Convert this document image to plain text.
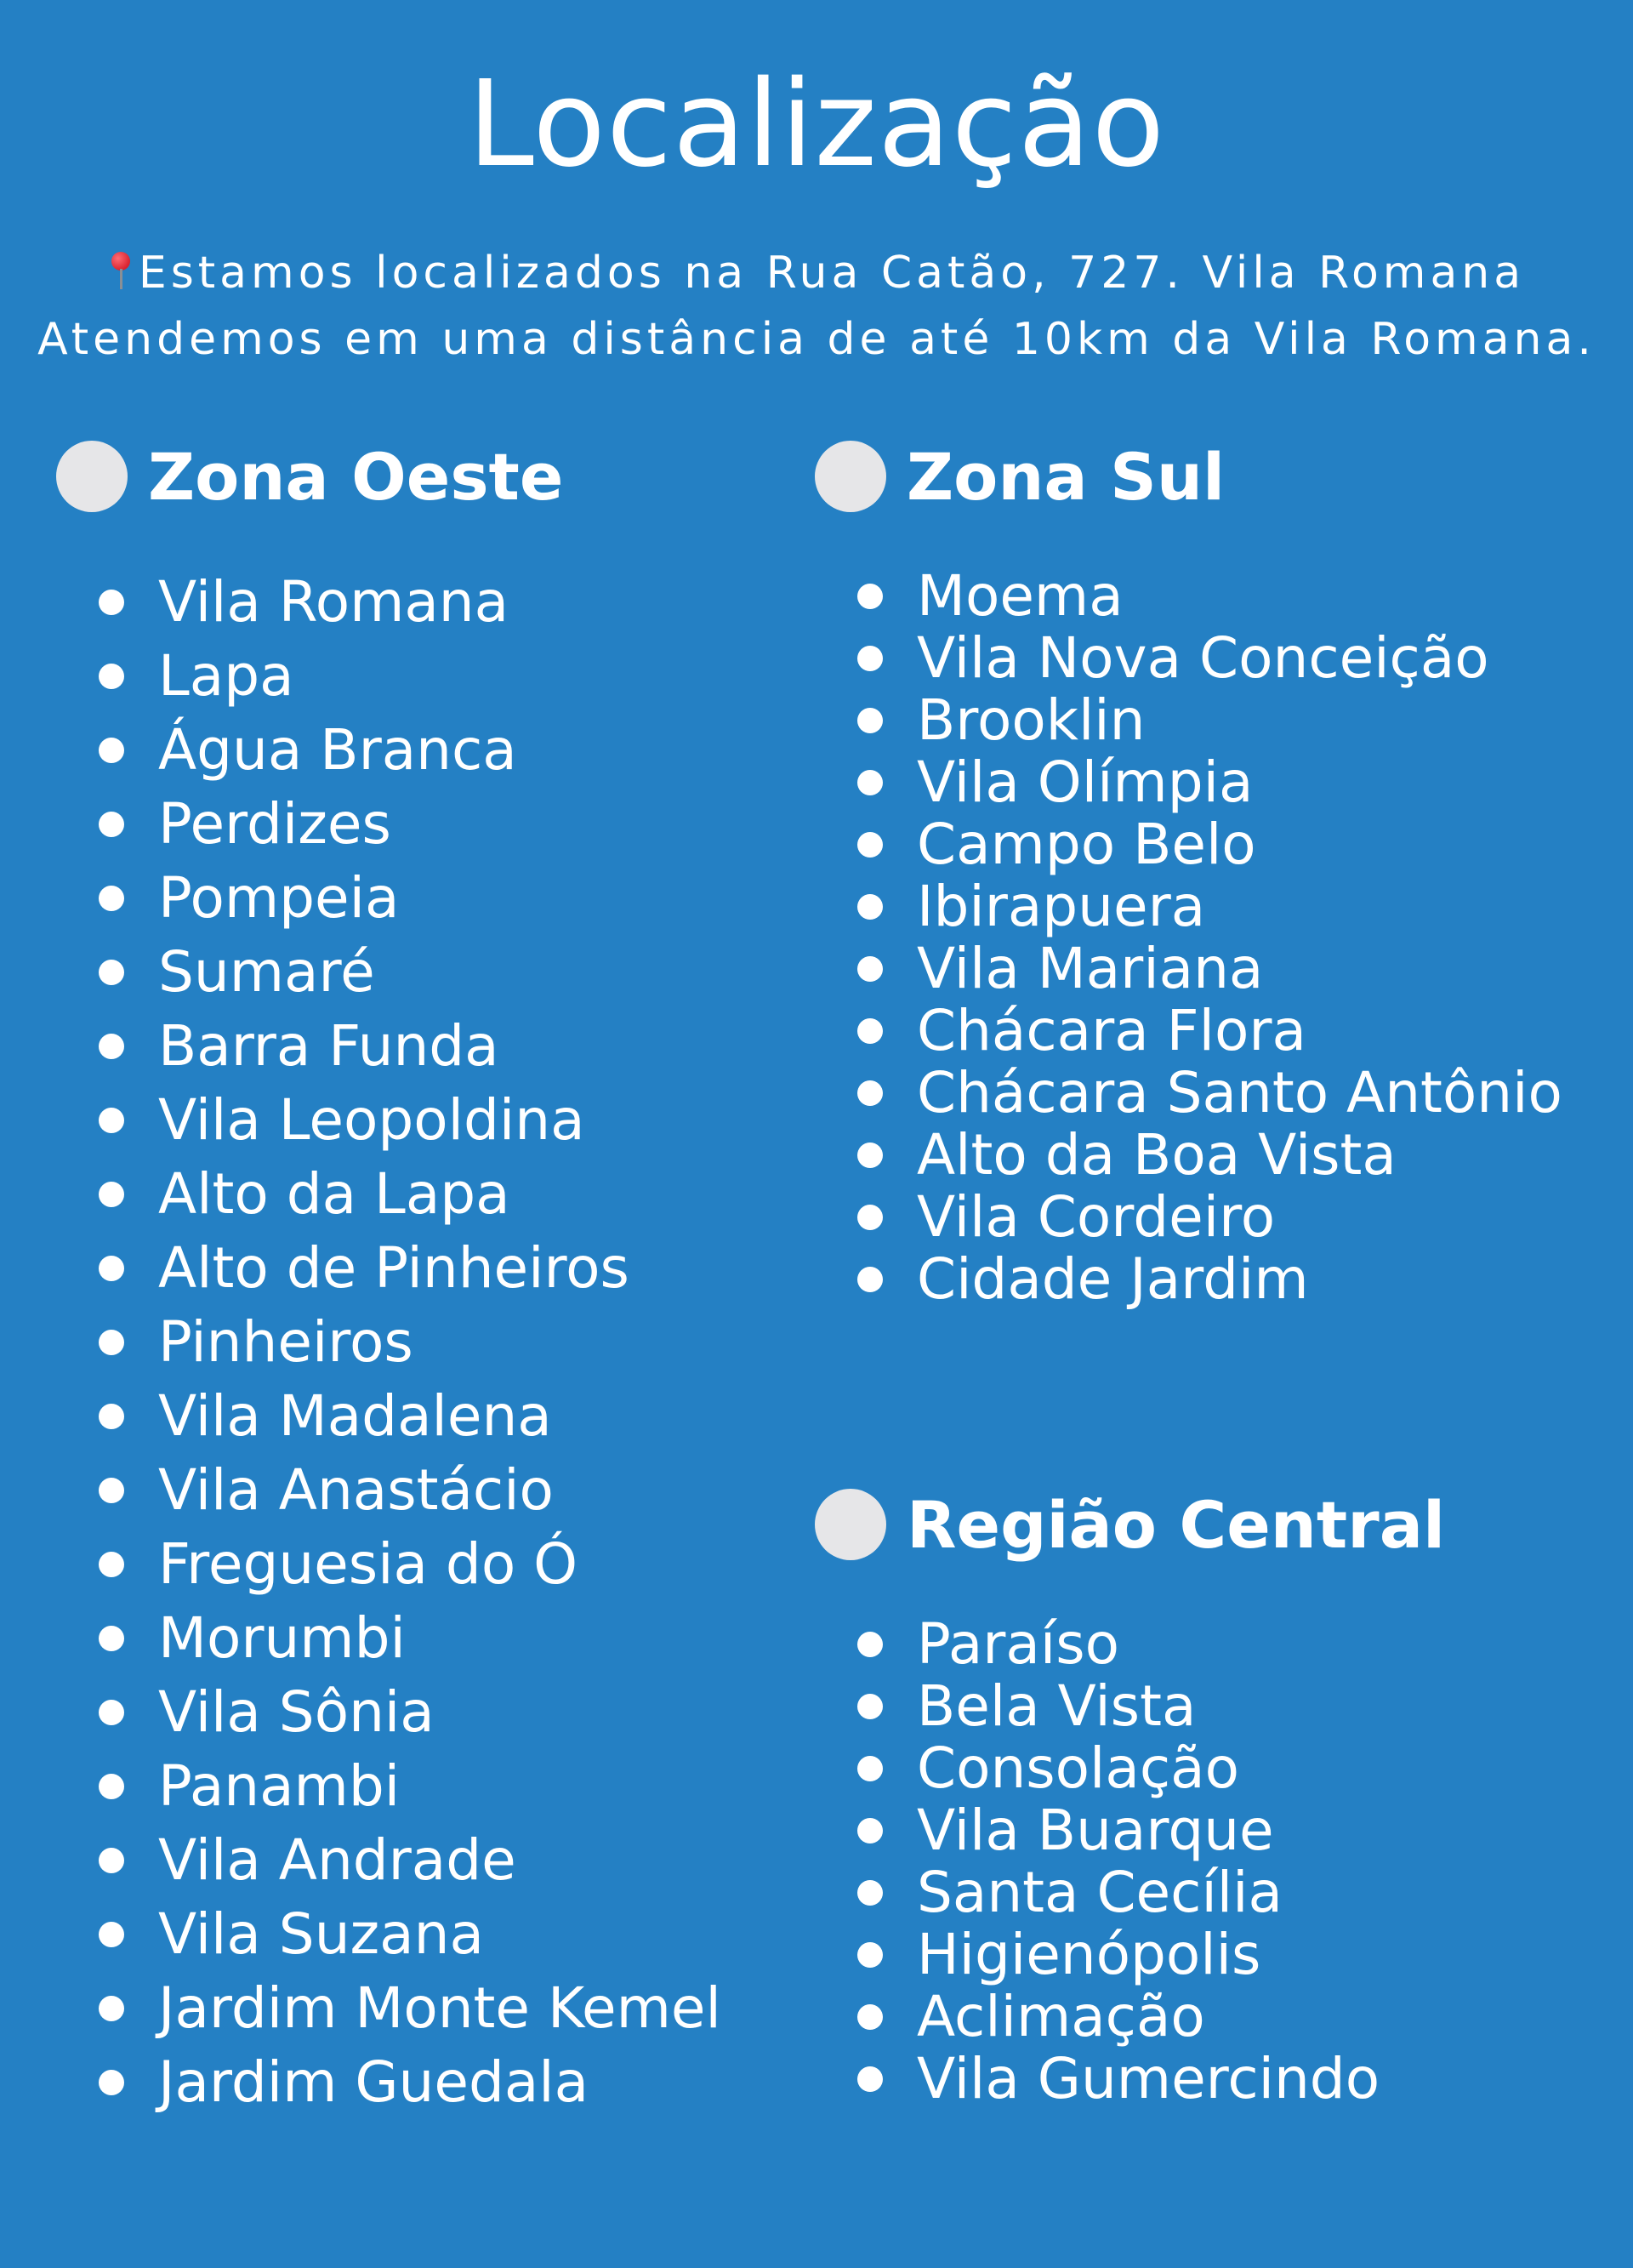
Localização
Estamos localizados na Rua Catão, 727. Vila Romana
Atendemos em uma distância de até 10km da Vila Romana.
Zona Oeste
Vila Romana
Lapa
Água Branca
Perdizes
Pompeia
Sumaré
Barra Funda
Vila Leopoldina
Alto da Lapa
Alto de Pinheiros
Pinheiros
Vila Madalena
Vila Anastácio
Freguesia do Ó
Morumbi
Vila Sônia
Panambi
Vila Andrade
Vila Suzana
Jardim Monte Kemel
Jardim Guedala
Zona Sul
Moema
Vila Nova Conceição
Brooklin
Vila Olímpia
Campo Belo
Ibirapuera
Vila Mariana
Chácara Flora
Chácara Santo Antônio
Alto da Boa Vista
Vila Cordeiro
Cidade Jardim
Região Central
Paraíso
Bela Vista
Consolação
Vila Buarque
Santa Cecília
Higienópolis
Aclimação
Vila Gumercindo
